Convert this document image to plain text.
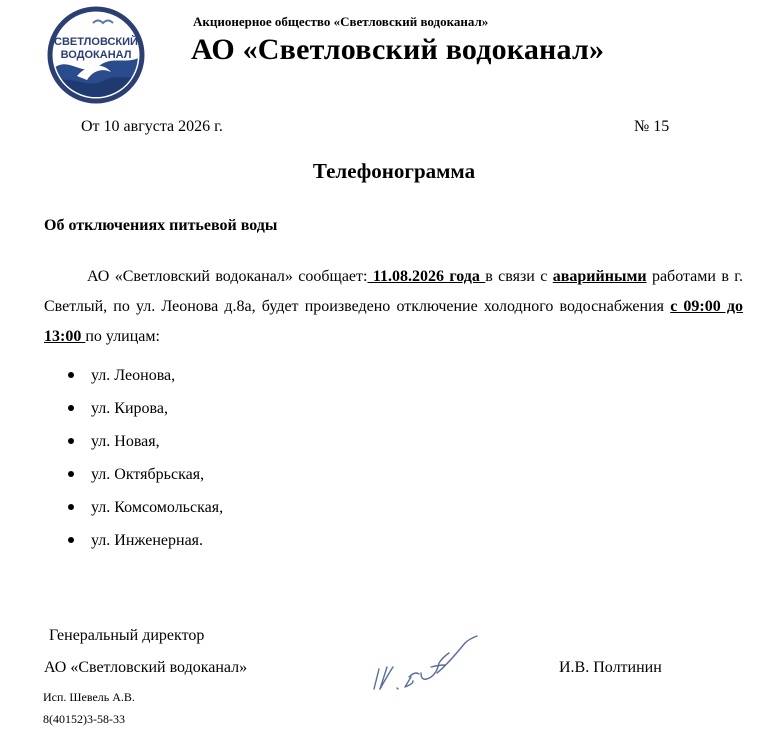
СВЕТЛОВСКИЙ
ВОДОКАНАЛ
Акционерное общество «Светловский водоканал»
АО «Светловский водоканал»
От 10 августа 2026 г.	№ 15
Телефонограмма
Об отключениях питьевой воды
АО «Светловский водоканал» сообщает: 11.08.2026 года в связи с аварийными работами в г. Светлый, по ул. Леонова д.8а, будет произведено отключение холодного водоснабжения с 09:00 до 13:00 по улицам:
ул. Леонова,
ул. Кирова,
ул. Новая,
ул. Октябрьская,
ул. Комсомольская,
ул. Инженерная.
Генеральный директор
АО «Светловский водоканал»	И.В. Полтинин
Исп. Шевель А.В.
8(40152)3-58-33
